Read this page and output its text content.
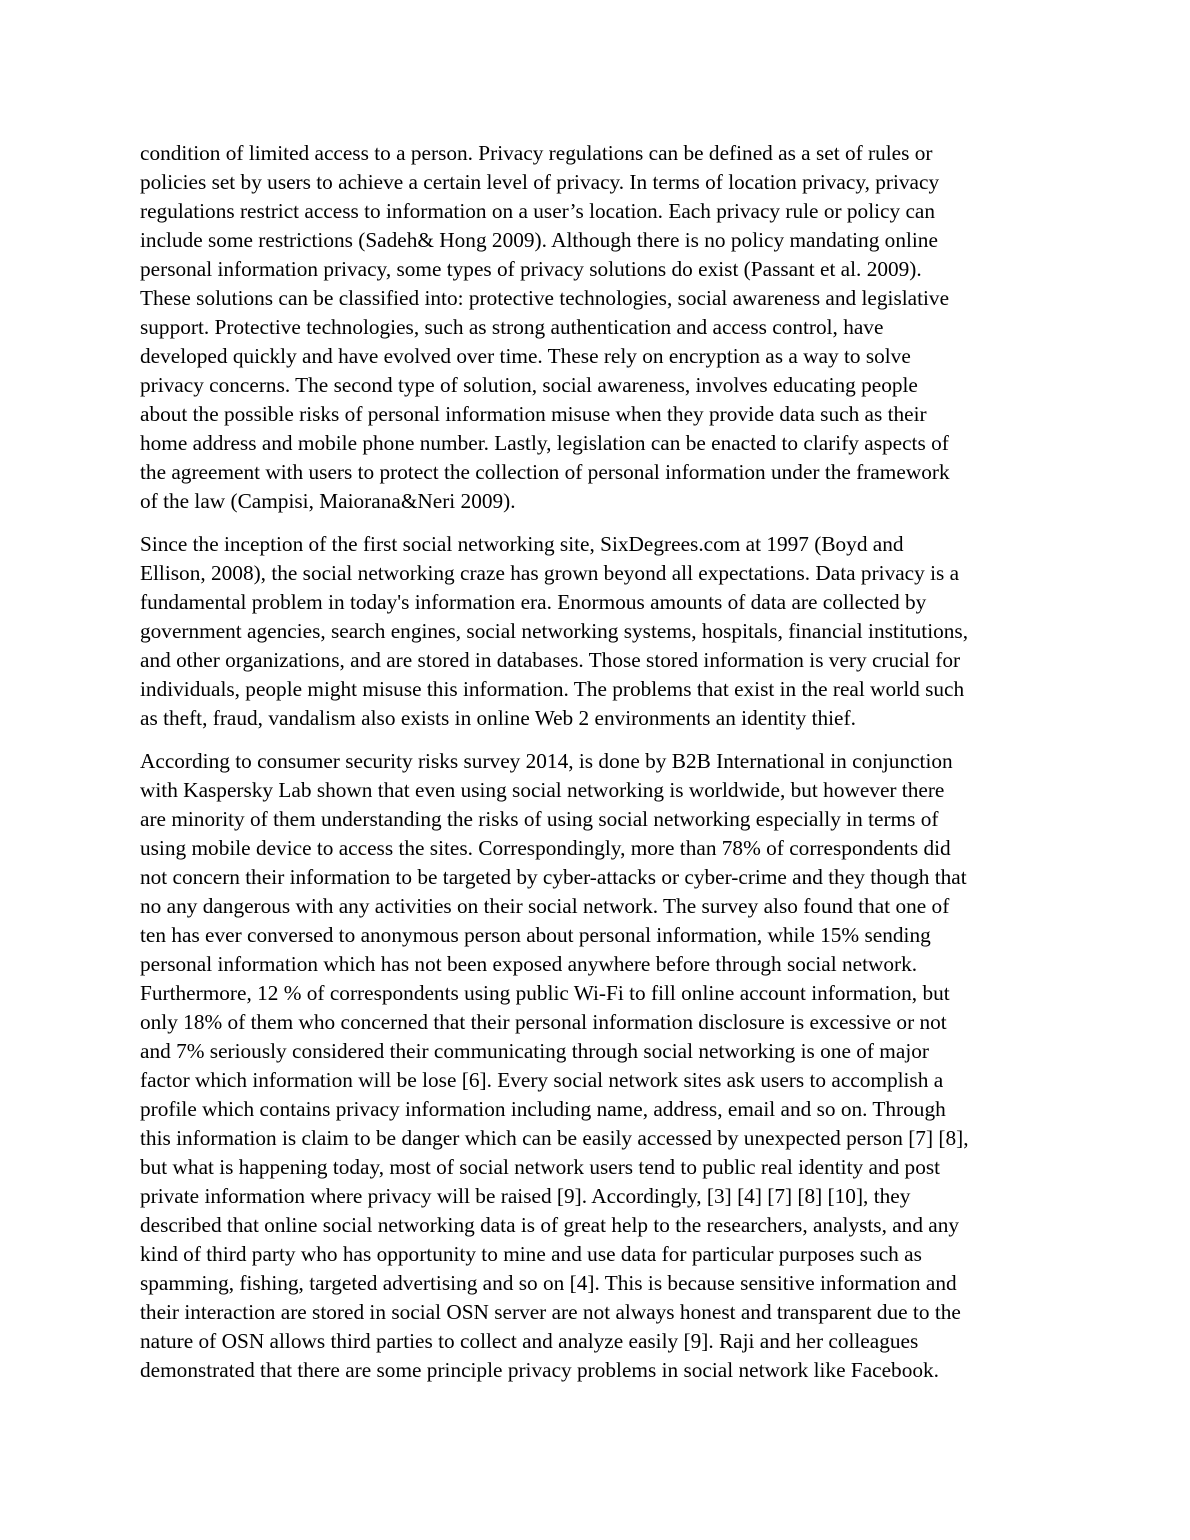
condition of limited access to a person. Privacy regulations can be defined as a set of rules or
policies set by users to achieve a certain level of privacy. In terms of location privacy, privacy
regulations restrict access to information on a user’s location. Each privacy rule or policy can
include some restrictions (Sadeh& Hong 2009). Although there is no policy mandating online
personal information privacy, some types of privacy solutions do exist (Passant et al. 2009).
These solutions can be classified into: protective technologies, social awareness and legislative
support. Protective technologies, such as strong authentication and access control, have
developed quickly and have evolved over time. These rely on encryption as a way to solve
privacy concerns. The second type of solution, social awareness, involves educating people
about the possible risks of personal information misuse when they provide data such as their
home address and mobile phone number. Lastly, legislation can be enacted to clarify aspects of
the agreement with users to protect the collection of personal information under the framework
of the law (Campisi, Maiorana&Neri 2009).

Since the inception of the first social networking site, SixDegrees.com at 1997 (Boyd and
Ellison, 2008), the social networking craze has grown beyond all expectations. Data privacy is a
fundamental problem in today's information era. Enormous amounts of data are collected by
government agencies, search engines, social networking systems, hospitals, financial institutions,
and other organizations, and are stored in databases. Those stored information is very crucial for
individuals, people might misuse this information. The problems that exist in the real world such
as theft, fraud, vandalism also exists in online Web 2 environments an identity thief.

According to consumer security risks survey 2014, is done by B2B International in conjunction
with Kaspersky Lab shown that even using social networking is worldwide, but however there
are minority of them understanding the risks of using social networking especially in terms of
using mobile device to access the sites. Correspondingly, more than 78% of correspondents did
not concern their information to be targeted by cyber-attacks or cyber-crime and they though that
no any dangerous with any activities on their social network. The survey also found that one of
ten has ever conversed to anonymous person about personal information, while 15% sending
personal information which has not been exposed anywhere before through social network.
Furthermore, 12 % of correspondents using public Wi-Fi to fill online account information, but
only 18% of them who concerned that their personal information disclosure is excessive or not
and 7% seriously considered their communicating through social networking is one of major
factor which information will be lose [6]. Every social network sites ask users to accomplish a
profile which contains privacy information including name, address, email and so on. Through
this information is claim to be danger which can be easily accessed by unexpected person [7] [8],
but what is happening today, most of social network users tend to public real identity and post
private information where privacy will be raised [9]. Accordingly, [3] [4] [7] [8] [10], they
described that online social networking data is of great help to the researchers, analysts, and any
kind of third party who has opportunity to mine and use data for particular purposes such as
spamming, fishing, targeted advertising and so on [4]. This is because sensitive information and
their interaction are stored in social OSN server are not always honest and transparent due to the
nature of OSN allows third parties to collect and analyze easily [9]. Raji and her colleagues
demonstrated that there are some principle privacy problems in social network like Facebook.
